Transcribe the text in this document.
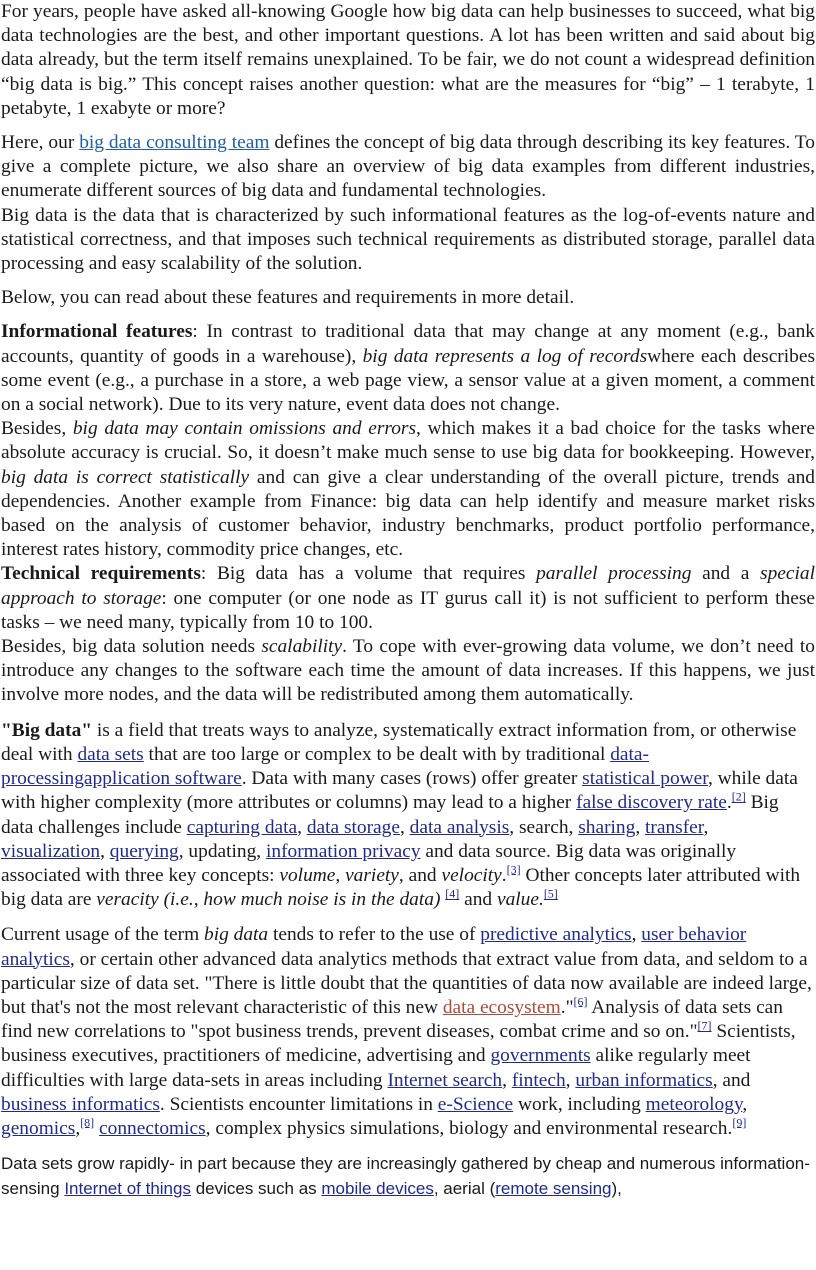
For years, people have asked all-knowing Google how big data can help businesses to succeed, what big data technologies are the best, and other important questions. A lot has been written and said about big data already, but the term itself remains unexplained. To be fair, we do not count a widespread definition “big data is big.” This concept raises another question: what are the measures for “big” – 1 terabyte, 1 petabyte, 1 exabyte or more?

Here, our big data consulting team defines the concept of big data through describing its key features. To give a complete picture, we also share an overview of big data examples from different industries, enumerate different sources of big data and fundamental technologies.

Big data is the data that is characterized by such informational features as the log-of-events nature and statistical correctness, and that imposes such technical requirements as distributed storage, parallel data processing and easy scalability of the solution.

Below, you can read about these features and requirements in more detail.

Informational features: In contrast to traditional data that may change at any moment (e.g., bank accounts, quantity of goods in a warehouse), big data represents a log of recordswhere each describes some event (e.g., a purchase in a store, a web page view, a sensor value at a given moment, a comment on a social network). Due to its very nature, event data does not change.

Besides, big data may contain omissions and errors, which makes it a bad choice for the tasks where absolute accuracy is crucial. So, it doesn’t make much sense to use big data for bookkeeping. However, big data is correct statistically and can give a clear understanding of the overall picture, trends and dependencies. Another example from Finance: big data can help identify and measure market risks based on the analysis of customer behavior, industry benchmarks, product portfolio performance, interest rates history, commodity price changes, etc.

Technical requirements: Big data has a volume that requires parallel processing and a special approach to storage: one computer (or one node as IT gurus call it) is not sufficient to perform these tasks – we need many, typically from 10 to 100.

Besides, big data solution needs scalability. To cope with ever-growing data volume, we don’t need to introduce any changes to the software each time the amount of data increases. If this happens, we just involve more nodes, and the data will be redistributed among them automatically.

"Big data" is a field that treats ways to analyze, systematically extract information from, or otherwise deal with data sets that are too large or complex to be dealt with by traditional data-processingapplication software. Data with many cases (rows) offer greater statistical power, while data with higher complexity (more attributes or columns) may lead to a higher false discovery rate.[2] Big data challenges include capturing data, data storage, data analysis, search, sharing, transfer, visualization, querying, updating, information privacy and data source. Big data was originally associated with three key concepts: volume, variety, and velocity.[3] Other concepts later attributed with big data are veracity (i.e., how much noise is in the data) [4] and value.[5]

Current usage of the term big data tends to refer to the use of predictive analytics, user behavior analytics, or certain other advanced data analytics methods that extract value from data, and seldom to a particular size of data set. "There is little doubt that the quantities of data now available are indeed large, but that's not the most relevant characteristic of this new data ecosystem."[6] Analysis of data sets can find new correlations to "spot business trends, prevent diseases, combat crime and so on."[7] Scientists, business executives, practitioners of medicine, advertising and governments alike regularly meet difficulties with large data-sets in areas including Internet search, fintech, urban informatics, and business informatics. Scientists encounter limitations in e-Science work, including meteorology, genomics,[8] connectomics, complex physics simulations, biology and environmental research.[9]

Data sets grow rapidly- in part because they are increasingly gathered by cheap and numerous information- sensing Internet of things devices such as mobile devices, aerial (remote sensing),
